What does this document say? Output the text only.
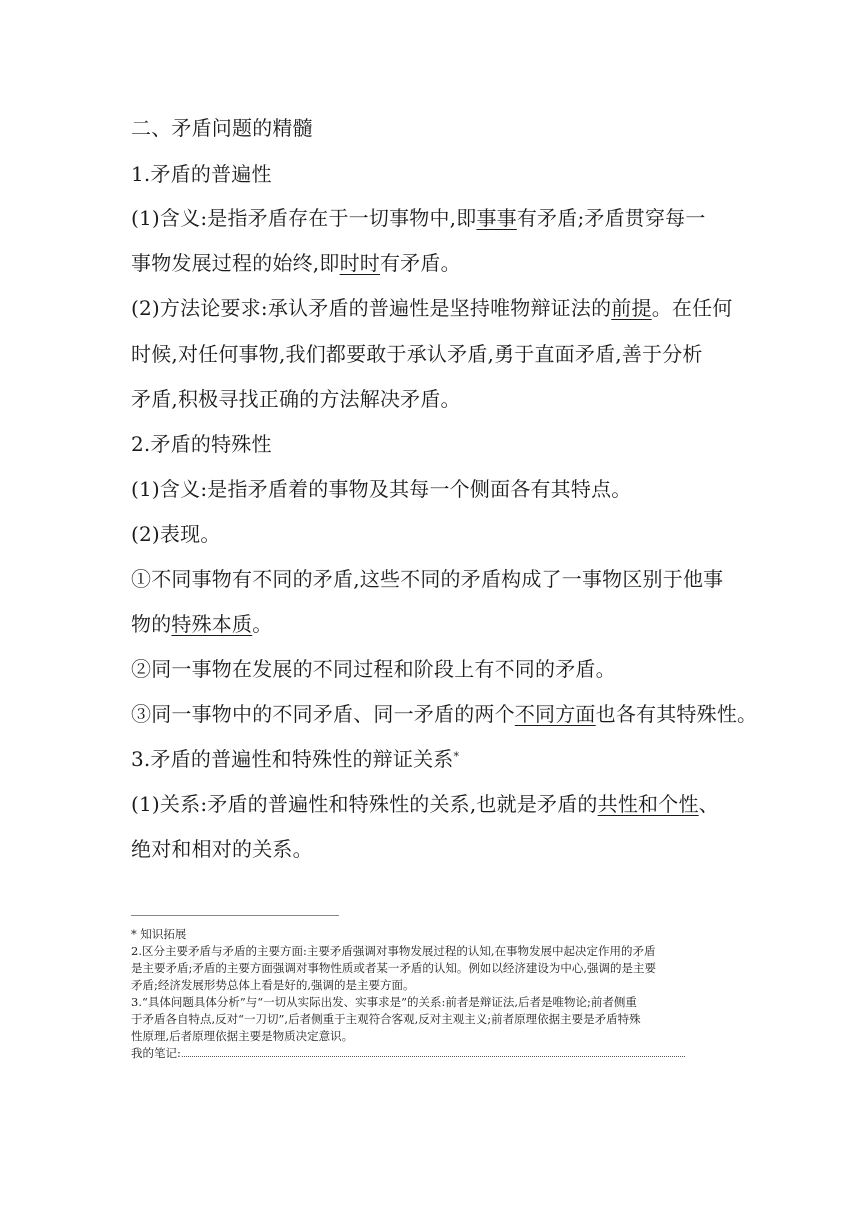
二、矛盾问题的精髓
1.矛盾的普遍性
(1)含义:是指矛盾存在于一切事物中,即事事有矛盾;矛盾贯穿每一
事物发展过程的始终,即时时有矛盾。
(2)方法论要求:承认矛盾的普遍性是坚持唯物辩证法的前提。在任何
时候,对任何事物,我们都要敢于承认矛盾,勇于直面矛盾,善于分析
矛盾,积极寻找正确的方法解决矛盾。
2.矛盾的特殊性
(1)含义:是指矛盾着的事物及其每一个侧面各有其特点。
(2)表现。
①不同事物有不同的矛盾,这些不同的矛盾构成了一事物区别于他事
物的特殊本质。
②同一事物在发展的不同过程和阶段上有不同的矛盾。
③同一事物中的不同矛盾、同一矛盾的两个不同方面也各有其特殊性。
3.矛盾的普遍性和特殊性的辩证关系*
(1)关系:矛盾的普遍性和特殊性的关系,也就是矛盾的共性和个性、
绝对和相对的关系。
* 知识拓展
2.区分主要矛盾与矛盾的主要方面:主要矛盾强调对事物发展过程的认知,在事物发展中起决定作用的矛盾
是主要矛盾;矛盾的主要方面强调对事物性质或者某一矛盾的认知。例如以经济建设为中心,强调的是主要
矛盾;经济发展形势总体上看是好的,强调的是主要方面。
3.“具体问题具体分析”与“一切从实际出发、实事求是”的关系:前者是辩证法,后者是唯物论;前者侧重
于矛盾各自特点,反对“一刀切”,后者侧重于主观符合客观,反对主观主义;前者原理依据主要是矛盾特殊
性原理,后者原理依据主要是物质决定意识。
我的笔记:
